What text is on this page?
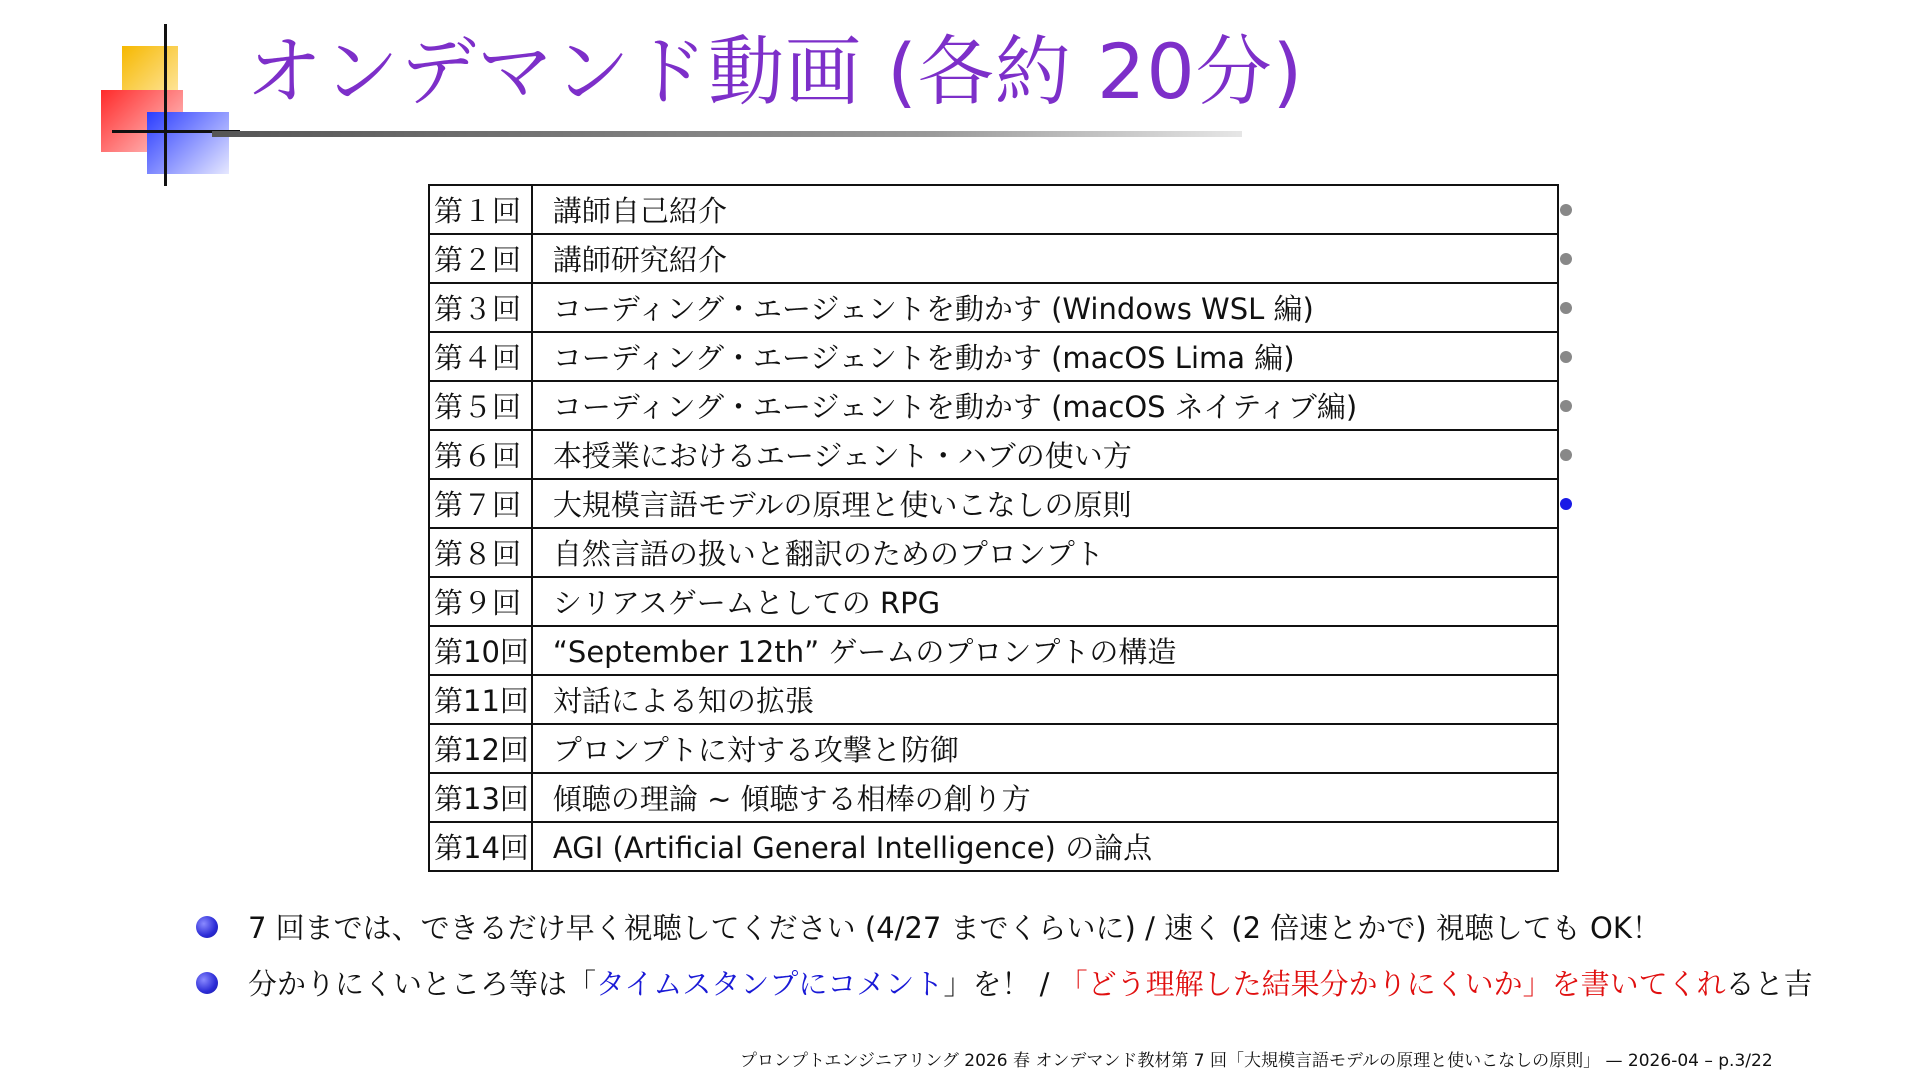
オンデマンド動画 (各約 20分)
第１回	講師自己紹介
第２回	講師研究紹介
第３回	コーディング・エージェントを動かす (Windows WSL 編)
第４回	コーディング・エージェントを動かす (macOS Lima 編)
第５回	コーディング・エージェントを動かす (macOS ネイティブ編)
第６回	本授業におけるエージェント・ハブの使い方
第７回	大規模言語モデルの原理と使いこなしの原則
第８回	自然言語の扱いと翻訳のためのプロンプト
第９回	シリアスゲームとしての RPG
第10回	“September 12th” ゲームのプロンプトの構造
第11回	対話による知の拡張
第12回	プロンプトに対する攻撃と防御
第13回	傾聴の理論 ∼ 傾聴する相棒の創り方
第14回	AGI (Artificial General Intelligence) の論点
7 回までは、できるだけ早く視聴してください (4/27 までくらいに) / 速く (2 倍速とかで) 視聴しても OK！
分かりにくいところ等は「タイムスタンプにコメント」を！ / 「どう理解した結果分かりにくいか」を書いてくれると吉
プロンプトエンジニアリング 2026 春 オンデマンド教材第 7 回「大規模言語モデルの原理と使いこなしの原則」 — 2026-04 – p.3/22
